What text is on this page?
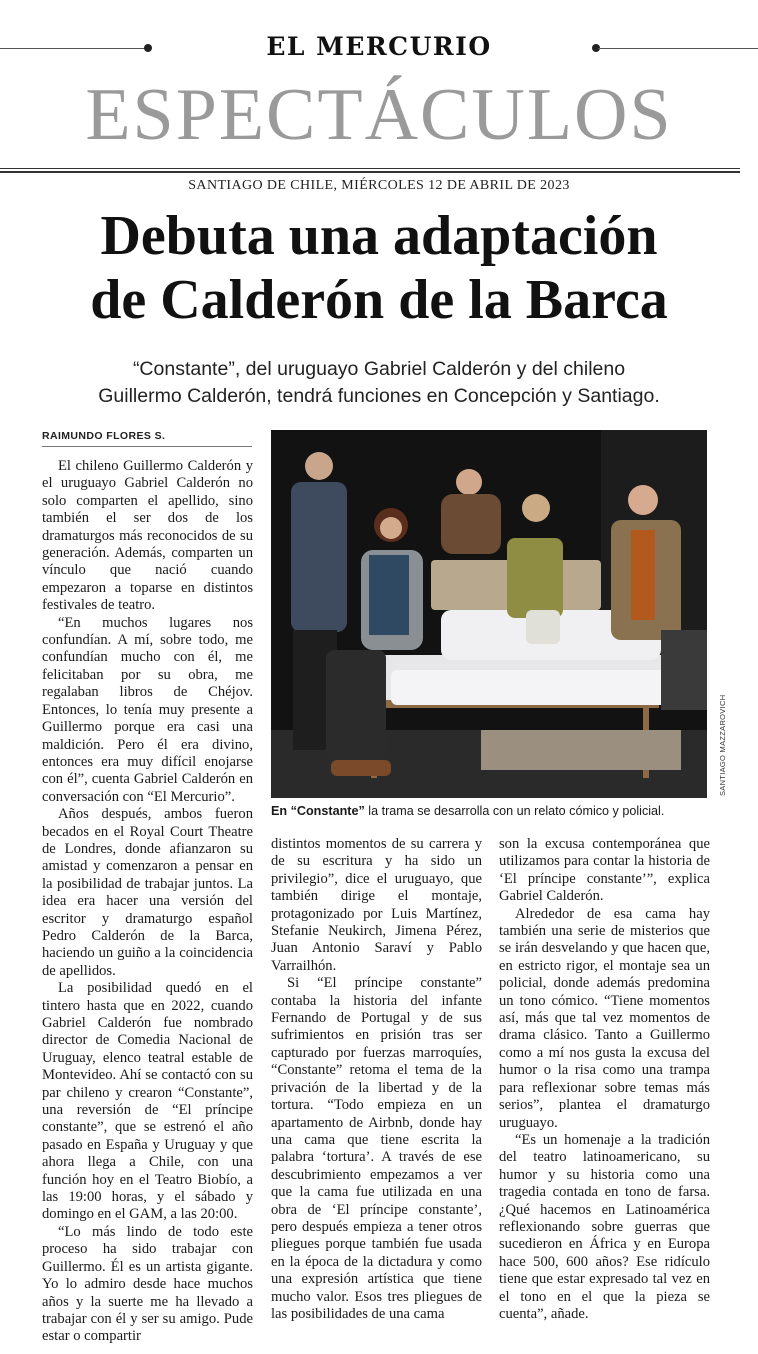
EL MERCURIO
ESPECTÁCULOS
SANTIAGO DE CHILE, MIÉRCOLES 12 DE ABRIL DE 2023
Debuta una adaptación
de Calderón de la Barca
“Constante”, del uruguayo Gabriel Calderón y del chileno
Guillermo Calderón, tendrá funciones en Concepción y Santiago.
RAIMUNDO FLORES S.

El chileno Guillermo Calderón y el uruguayo Gabriel Calderón no solo comparten el apellido, sino también el ser dos de los dramaturgos más reconocidos de su generación. Además, comparten un vínculo que nació cuando empezaron a toparse en distintos festivales de teatro.

“En muchos lugares nos confundían. A mí, sobre todo, me confundían mucho con él, me felicitaban por su obra, me regalaban libros de Chéjov. Entonces, lo tenía muy presente a Guillermo porque era casi una maldición. Pero él era divino, entonces era muy difícil enojarse con él”, cuenta Gabriel Calderón en conversación con “El Mercurio”.

Años después, ambos fueron becados en el Royal Court Theatre de Londres, donde afianzaron su amistad y comenzaron a pensar en la posibilidad de trabajar juntos. La idea era hacer una versión del escritor y dramaturgo español Pedro Calderón de la Barca, haciendo un guiño a la coincidencia de apellidos.

La posibilidad quedó en el tintero hasta que en 2022, cuando Gabriel Calderón fue nombrado director de Comedia Nacional de Uruguay, elenco teatral estable de Montevideo. Ahí se contactó con su par chileno y crearon “Constante”, una reversión de “El príncipe constante”, que se estrenó el año pasado en España y Uruguay y que ahora llega a Chile, con una función hoy en el Teatro Biobío, a las 19:00 horas, y el sábado y domingo en el GAM, a las 20:00.

“Lo más lindo de todo este proceso ha sido trabajar con Guillermo. Él es un artista gigante. Yo lo admiro desde hace muchos años y la suerte me ha llevado a trabajar con él y ser su amigo. Pude estar o compartir

SANTIAGO MAZZAROVICH
En “Constante” la trama se desarrolla con un relato cómico y policial.

distintos momentos de su carrera y de su escritura y ha sido un privilegio”, dice el uruguayo, que también dirige el montaje, protagonizado por Luis Martínez, Stefanie Neukirch, Jimena Pérez, Juan Antonio Saraví y Pablo Varrailhón.

Si “El príncipe constante” contaba la historia del infante Fernando de Portugal y de sus sufrimientos en prisión tras ser capturado por fuerzas marroquíes, “Constante” retoma el tema de la privación de la libertad y de la tortura. “Todo empieza en un apartamento de Airbnb, donde hay una cama que tiene escrita la palabra ‘tortura’. A través de ese descubrimiento empezamos a ver que la cama fue utilizada en una obra de ‘El príncipe constante’, pero después empieza a tener otros pliegues porque también fue usada en la época de la dictadura y como una expresión artística que tiene mucho valor. Esos tres pliegues de las posibilidades de una cama

son la excusa contemporánea que utilizamos para contar la historia de ‘El príncipe constante’”, explica Gabriel Calderón.

Alrededor de esa cama hay también una serie de misterios que se irán desvelando y que hacen que, en estricto rigor, el montaje sea un policial, donde además predomina un tono cómico. “Tiene momentos así, más que tal vez momentos de drama clásico. Tanto a Guillermo como a mí nos gusta la excusa del humor o la risa como una trampa para reflexionar sobre temas más serios”, plantea el dramaturgo uruguayo.

“Es un homenaje a la tradición del teatro latinoamericano, su humor y su historia como una tragedia contada en tono de farsa. ¿Qué hacemos en Latinoamérica reflexionando sobre guerras que sucedieron en África y en Europa hace 500, 600 años? Ese ridículo tiene que estar expresado tal vez en el tono en el que la pieza se cuenta”, añade.
